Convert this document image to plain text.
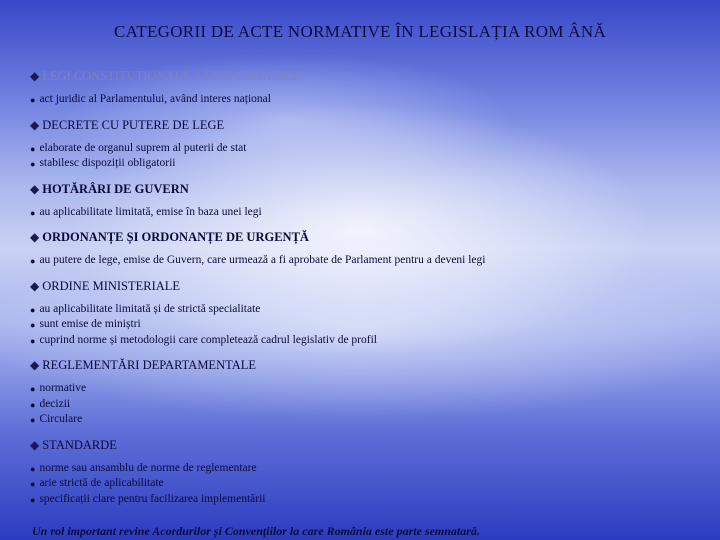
CATEGORII DE ACTE NORMATIVE ÎN LEGISLAȚIA ROM ÂNĂ
◆ LEGI CONSTITUȚIONALE și LEGI ORGANICE
● act juridic al Parlamentului, având interes național
◆ DECRETE CU PUTERE DE LEGE
● elaborate de organul suprem al puterii de stat
● stabilesc dispoziții obligatorii
◆ HOTĂRÂRI DE GUVERN
● au aplicabilitate limitată, emise în baza unei legi
◆ ORDONANȚE ȘI ORDONANȚE DE URGENȚĂ
● au putere de lege, emise de Guvern, care urmează a fi aprobate de Parlament pentru a deveni legi
◆ ORDINE MINISTERIALE
● au aplicabilitate limitată și de strictă specialitate
● sunt emise de miniștri
● cuprind norme și metodologii care completează cadrul legislativ de profil
◆ REGLEMENTĂRI DEPARTAMENTALE
● normative
● decizii
● Circulare
◆ STANDARDE
● norme sau ansamblu de norme de reglementare
● arie strictă de aplicabilitate
● specificații clare pentru facilizarea implementării
Un rol important revine Acordurilor și Convențiilor la care România este parte semnatară.
